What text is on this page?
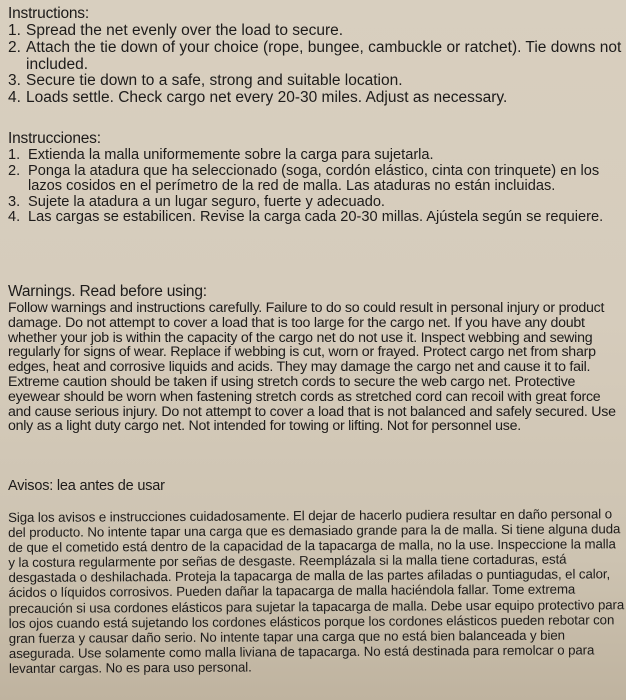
Instructions:
1. Spread the net evenly over the load to secure.
2. Attach the tie down of your choice (rope, bungee, cambuckle or ratchet). Tie downs not included.
3. Secure tie down to a safe, strong and suitable location.
4. Loads settle. Check cargo net every 20-30 miles. Adjust as necessary.
Instrucciones:
1. Extienda la malla uniformemente sobre la carga para sujetarla.
2. Ponga la atadura que ha seleccionado (soga, cordón elástico, cinta con trinquete) en los lazos cosidos en el perímetro de la red de malla. Las ataduras no están incluidas.
3. Sujete la atadura a un lugar seguro, fuerte y adecuado.
4. Las cargas se estabilicen. Revise la carga cada 20-30 millas. Ajústela según se requiere.
Warnings. Read before using:

Follow warnings and instructions carefully. Failure to do so could result in personal injury or product damage. Do not attempt to cover a load that is too large for the cargo net. If you have any doubt whether your job is within the capacity of the cargo net do not use it. Inspect webbing and sewing regularly for signs of wear. Replace if webbing is cut, worn or frayed. Protect cargo net from sharp edges, heat and corrosive liquids and acids. They may damage the cargo net and cause it to fail. Extreme caution should be taken if using stretch cords to secure the web cargo net. Protective eyewear should be worn when fastening stretch cords as stretched cord can recoil with great force and cause serious injury. Do not attempt to cover a load that is not balanced and safely secured. Use only as a light duty cargo net. Not intended for towing or lifting. Not for personnel use.

Avisos: lea antes de usar

Siga los avisos e instrucciones cuidadosamente. El dejar de hacerlo pudiera resultar en daño personal o del producto. No intente tapar una carga que es demasiado grande para la de malla. Si tiene alguna duda de que el cometido está dentro de la capacidad de la tapacarga de malla, no la use. Inspeccione la malla y la costura regularmente por señas de desgaste. Reemplázala si la malla tiene cortaduras, está desgastada o deshilachada. Proteja la tapacarga de malla de las partes afiladas o puntiagudas, el calor, ácidos o líquidos corrosivos. Pueden dañar la tapacarga de malla haciéndola fallar. Tome extrema precaución si usa cordones elásticos para sujetar la tapacarga de malla. Debe usar equipo protectivo para los ojos cuando está sujetando los cordones elásticos porque los cordones elásticos pueden rebotar con gran fuerza y causar daño serio. No intente tapar una carga que no está bien balanceada y bien asegurada. Use solamente como malla liviana de tapacarga. No está destinada para remolcar o para levantar cargas. No es para uso personal.
